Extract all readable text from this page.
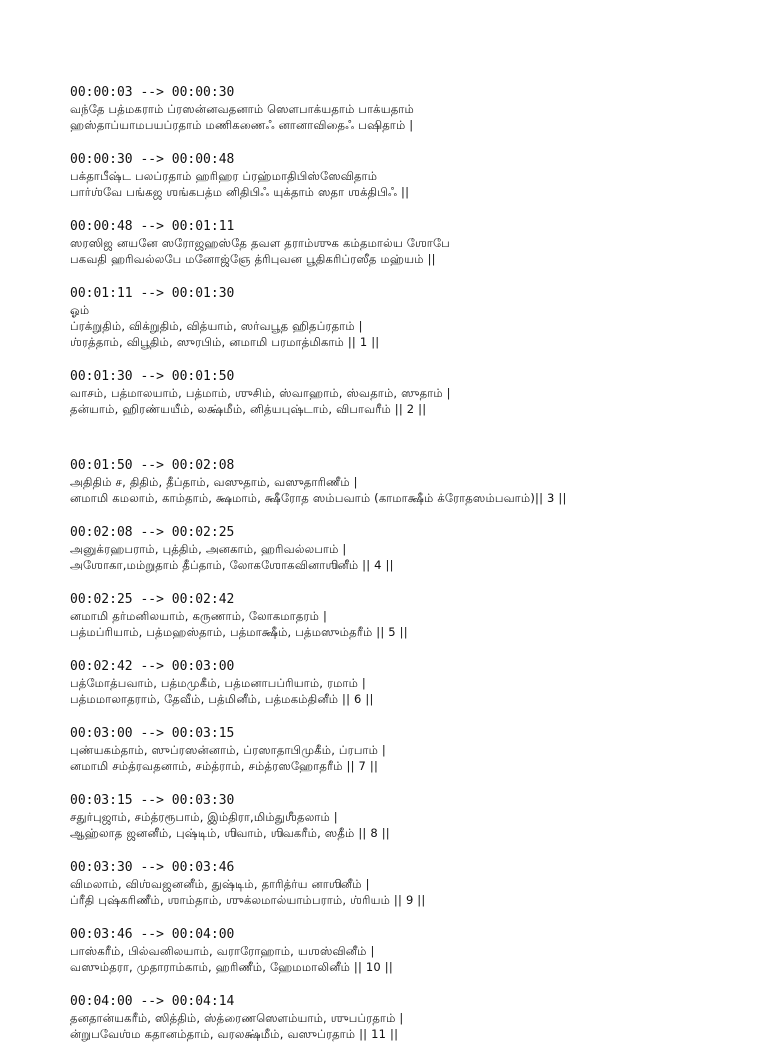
00:00:03 --> 00:00:30
வந்தே பத்மகராம் ப்ரஸன்னவதனாம் ஸௌபாக்யதாம் பாக்யதாம்
ஹஸ்தாப்யாமபயப்ரதாம் மணிகணைஃ னானாவிதைஃ பஷிதாம் |
00:00:30 --> 00:00:48
பக்தாபீஷ்ட பலப்ரதாம் ஹரிஹர ப்ரஹ்மாதிபிஸ்ஸேவிதாம்
பார்ஶ்வே பங்கஜ ஶங்கபத்ம னிதிபிஃ யுக்தாம் ஸதா ஶக்திபிஃ ||
00:00:48 --> 00:01:11
ஸரஸிஜ னயனே ஸரோஜஹஸ்தே தவள தராம்ஶுக கம்தமால்ய ஶோபே
பகவதி ஹரிவல்லபே மனோஜ்ஞே த்ரிபுவன பூதிகரிப்ரஸீத மஹ்யம் ||
00:01:11 --> 00:01:30
ஓம்
ப்ரக்றுதிம், விக்றுதிம், வித்யாம், ஸர்வபூத ஹிதப்ரதாம் |
ஶ்ரத்தாம், விபூதிம், ஸுரபிம், னமாமி பரமாத்மிகாம் || 1 ||
00:01:30 --> 00:01:50
வாசம், பத்மாலயாம், பத்மாம், ஶுசிம், ஸ்வாஹாம், ஸ்வதாம், ஸுதாம் |
தன்யாம், ஹிரண்யயீம், லக்ஷ்மீம், னித்யபுஷ்டாம், விபாவரீம் || 2 ||
00:01:50 --> 00:02:08
அதிதிம் ச, திதிம், தீப்தாம், வஸுதாம், வஸுதாரிணீம் |
னமாமி கமலாம், காம்தாம், க்ஷமாம், க்ஷீரோத ஸம்பவாம் (காமாக்ஷீம் க்ரோதஸம்பவாம்)|| 3 ||
00:02:08 --> 00:02:25
அனுக்ரஹபராம், புத்திம், அனகாம், ஹரிவல்லபாம் |
அஶோகா,மம்றுதாம் தீப்தாம், லோகஶோகவினாஶினீம் || 4 ||
00:02:25 --> 00:02:42
னமாமி தர்மனிலயாம், கருணாம், லோகமாதரம் |
பத்மப்ரியாம், பத்மஹஸ்தாம், பத்மாக்ஷீம், பத்மஸும்தரீம் || 5 ||
00:02:42 --> 00:03:00
பத்மோத்பவாம், பத்மமுகீம், பத்மனாபப்ரியாம், ரமாம் |
பத்மமாலாதராம், தேவீம், பத்மினீம், பத்மகம்தினீம் || 6 ||
00:03:00 --> 00:03:15
புண்யகம்தாம், ஸுப்ரஸன்னாம், ப்ரஸாதாபிமுகீம், ப்ரபாம் |
னமாமி சம்த்ரவதனாம், சம்த்ராம், சம்த்ரஸஹோதரீம் || 7 ||
00:03:15 --> 00:03:30
சதுர்புஜாம், சம்த்ரரூபாம், இம்திரா,மிம்துஶீதலாம் |
ஆஹ்லாத ஜனனீம், புஷ்டிம், ஶிவாம், ஶிவகரீம், ஸதீம் || 8 ||
00:03:30 --> 00:03:46
விமலாம், விஶ்வஜனனீம், துஷ்டிம், தாரித்ர்ய னாஶினீம் |
ப்ரீதி புஷ்கரிணீம், ஶாம்தாம், ஶுக்லமால்யாம்பராம், ஶ்ரியம் || 9 ||
00:03:46 --> 00:04:00
பாஸ்கரீம், பில்வனிலயாம், வராரோஹாம், யஶஸ்வினீம் |
வஸும்தரா, முதாராம்காம், ஹரிணீம், ஹேமமாலினீம் || 10 ||
00:04:00 --> 00:04:14
தனதான்யகரீம், ஸித்திம், ஸ்த்ரைணஸௌம்யாம், ஶுபப்ரதாம் |
ன்றுபவேஶ்ம கதானம்தாம், வரலக்ஷ்மீம், வஸுப்ரதாம் || 11 ||
